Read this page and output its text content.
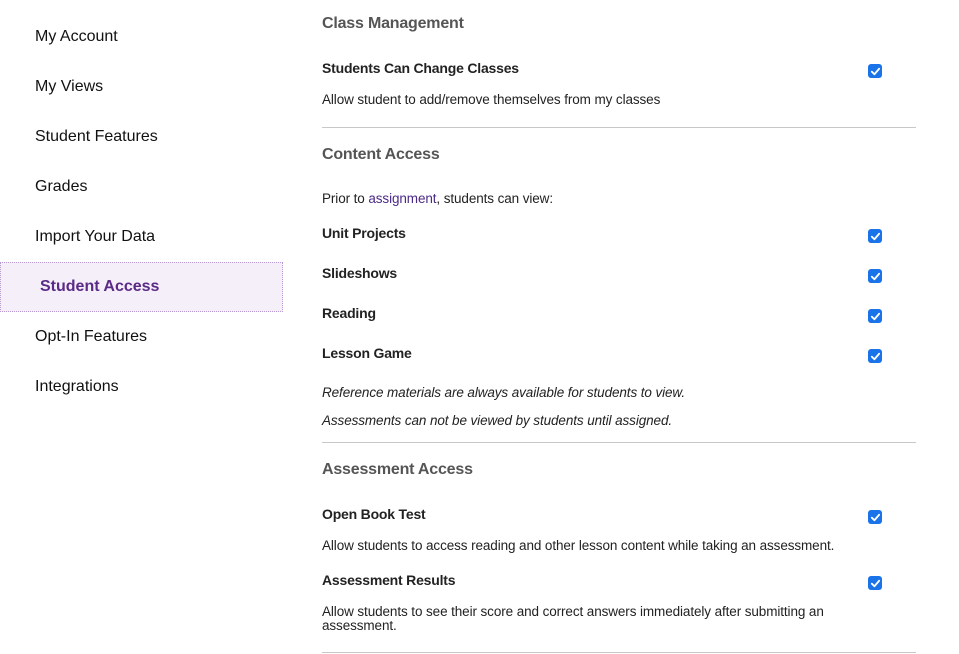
My Account
My Views
Student Features
Grades
Import Your Data
Student Access
Opt-In Features
Integrations
Class Management
Students Can Change Classes
Allow student to add/remove themselves from my classes
Content Access
Prior to assignment, students can view:
Unit Projects
Slideshows
Reading
Lesson Game
Reference materials are always available for students to view.
Assessments can not be viewed by students until assigned.
Assessment Access
Open Book Test
Allow students to access reading and other lesson content while taking an assessment.
Assessment Results
Allow students to see their score and correct answers immediately after submitting an assessment.
